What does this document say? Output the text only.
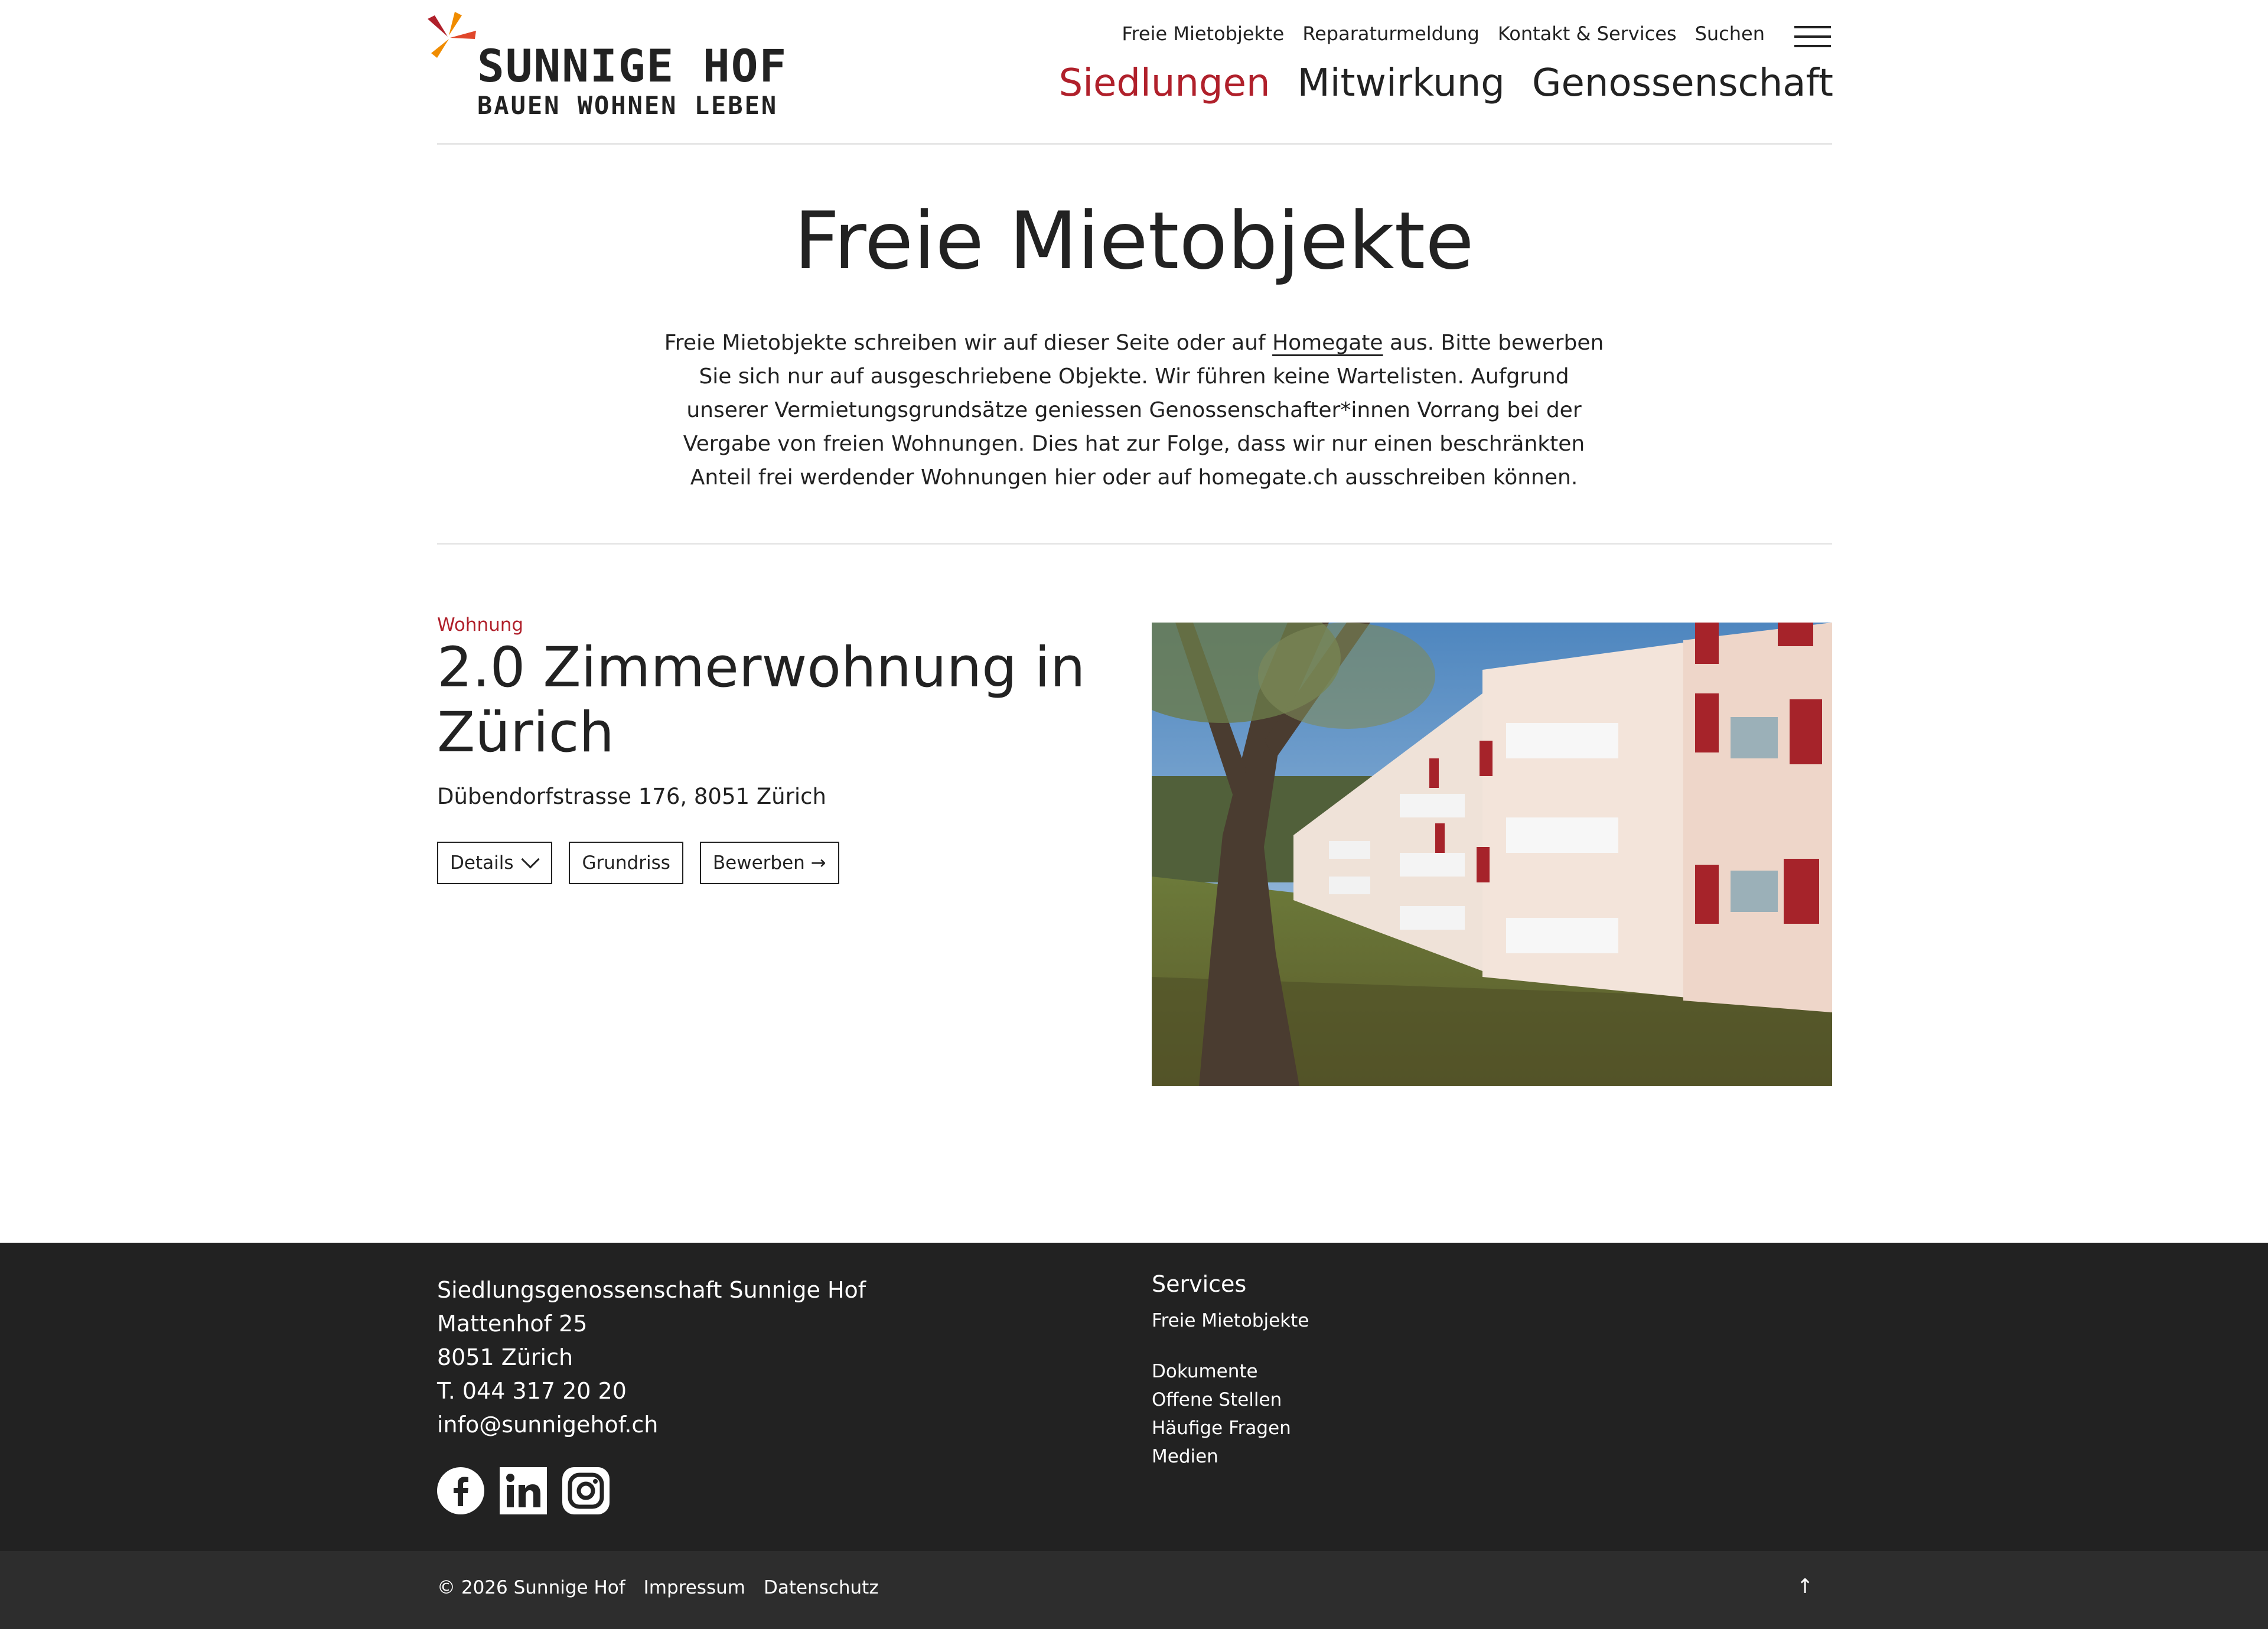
SUNNIGE HOF
BAUEN WOHNEN LEBEN
Freie Mietobjekte Reparaturmeldung Kontakt & Services Suchen
Siedlungen Mitwirkung Genossenschaft
Freie Mietobjekte

Freie Mietobjekte schreiben wir auf dieser Seite oder auf Homegate aus. Bitte bewerben Sie sich nur auf ausgeschriebene Objekte. Wir führen keine Wartelisten. Aufgrund unserer Vermietungsgrundsätze geniessen Genossenschafter*innen Vorrang bei der Vergabe von freien Wohnungen. Dies hat zur Folge, dass wir nur einen beschränkten Anteil frei werdender Wohnungen hier oder auf homegate.ch ausschreiben können.

Wohnung
2.0 Zimmerwohnung in Zürich
Dübendorfstrasse 176, 8051 Zürich
Details	Grundriss Bewerben →
Siedlungsgenossenschaft Sunnige Hof
Mattenhof 25
8051 Zürich
T. 044 317 20 20
info@sunnigehof.ch
Services
Freie Mietobjekte
Dokumente
Offene Stellen
Häufige Fragen
Medien
© 2026 Sunnige Hof Impressum Datenschutz	↑
